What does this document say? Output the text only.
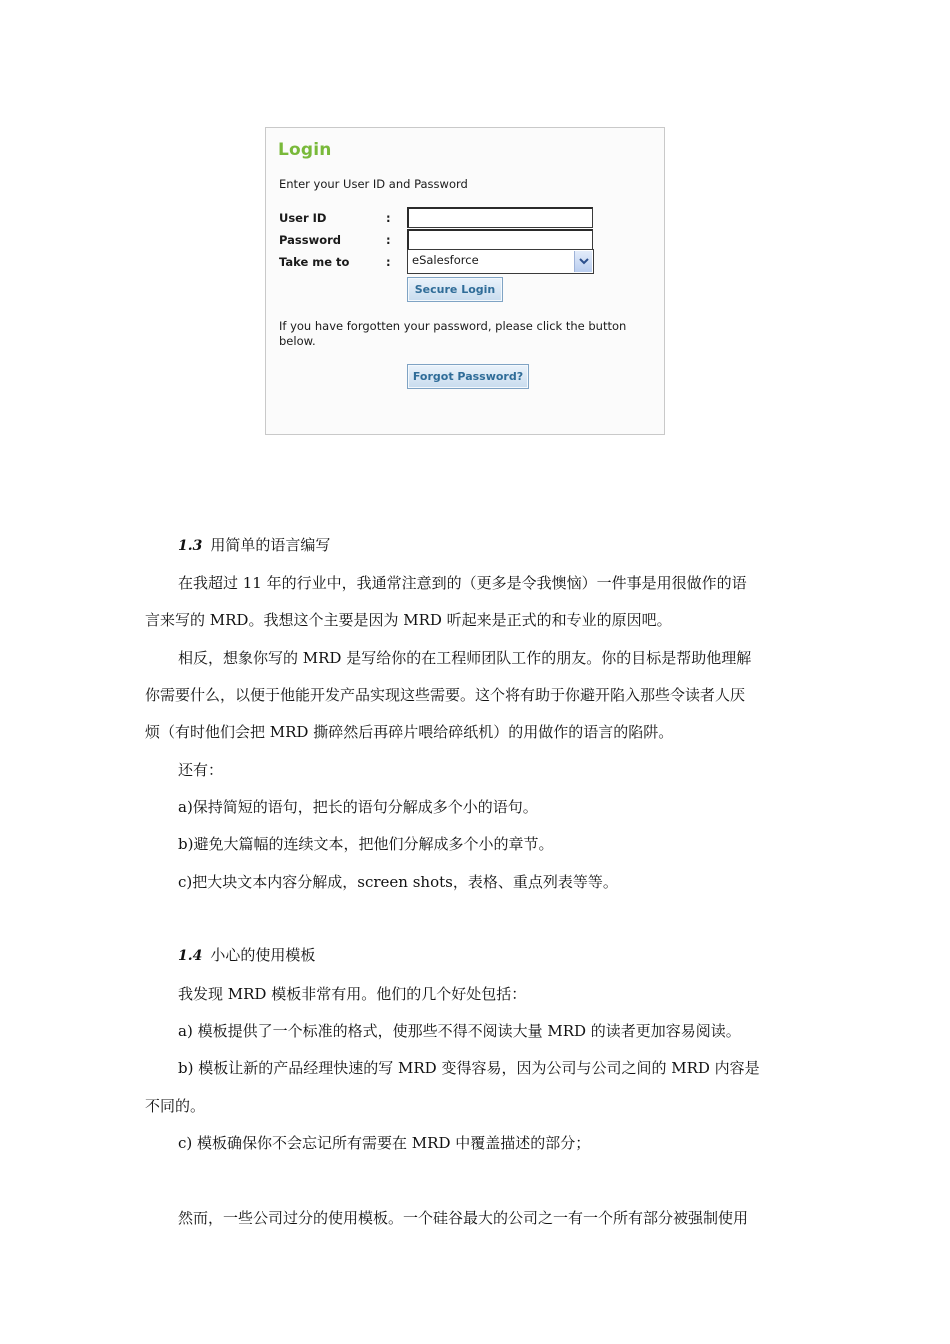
Login
Enter your User ID and Password
User ID	:
Password	:
Take me to	: eSalesforce
Secure Login
If you have forgotten your password, please click the button below.
Forgot Password?
1.3 用简单的语言编写
在我超过 11 年的行业中，我通常注意到的（更多是令我懊恼）一件事是用很做作的语
言来写的 MRD。我想这个主要是因为 MRD 听起来是正式的和专业的原因吧。
相反，想象你写的 MRD 是写给你的在工程师团队工作的朋友。你的目标是帮助他理解
你需要什么，以便于他能开发产品实现这些需要。这个将有助于你避开陷入那些令读者人厌
烦（有时他们会把 MRD 撕碎然后再碎片喂给碎纸机）的用做作的语言的陷阱。
还有：
a)保持简短的语句，把长的语句分解成多个小的语句。
b)避免大篇幅的连续文本，把他们分解成多个小的章节。
c)把大块文本内容分解成，screen shots，表格、重点列表等等。
1.4 小心的使用模板
我发现 MRD 模板非常有用。他们的几个好处包括：
a) 模板提供了一个标准的格式，使那些不得不阅读大量 MRD 的读者更加容易阅读。
b) 模板让新的产品经理快速的写 MRD 变得容易，因为公司与公司之间的 MRD 内容是
不同的。
c) 模板确保你不会忘记所有需要在 MRD 中覆盖描述的部分；
然而，一些公司过分的使用模板。一个硅谷最大的公司之一有一个所有部分被强制使用
